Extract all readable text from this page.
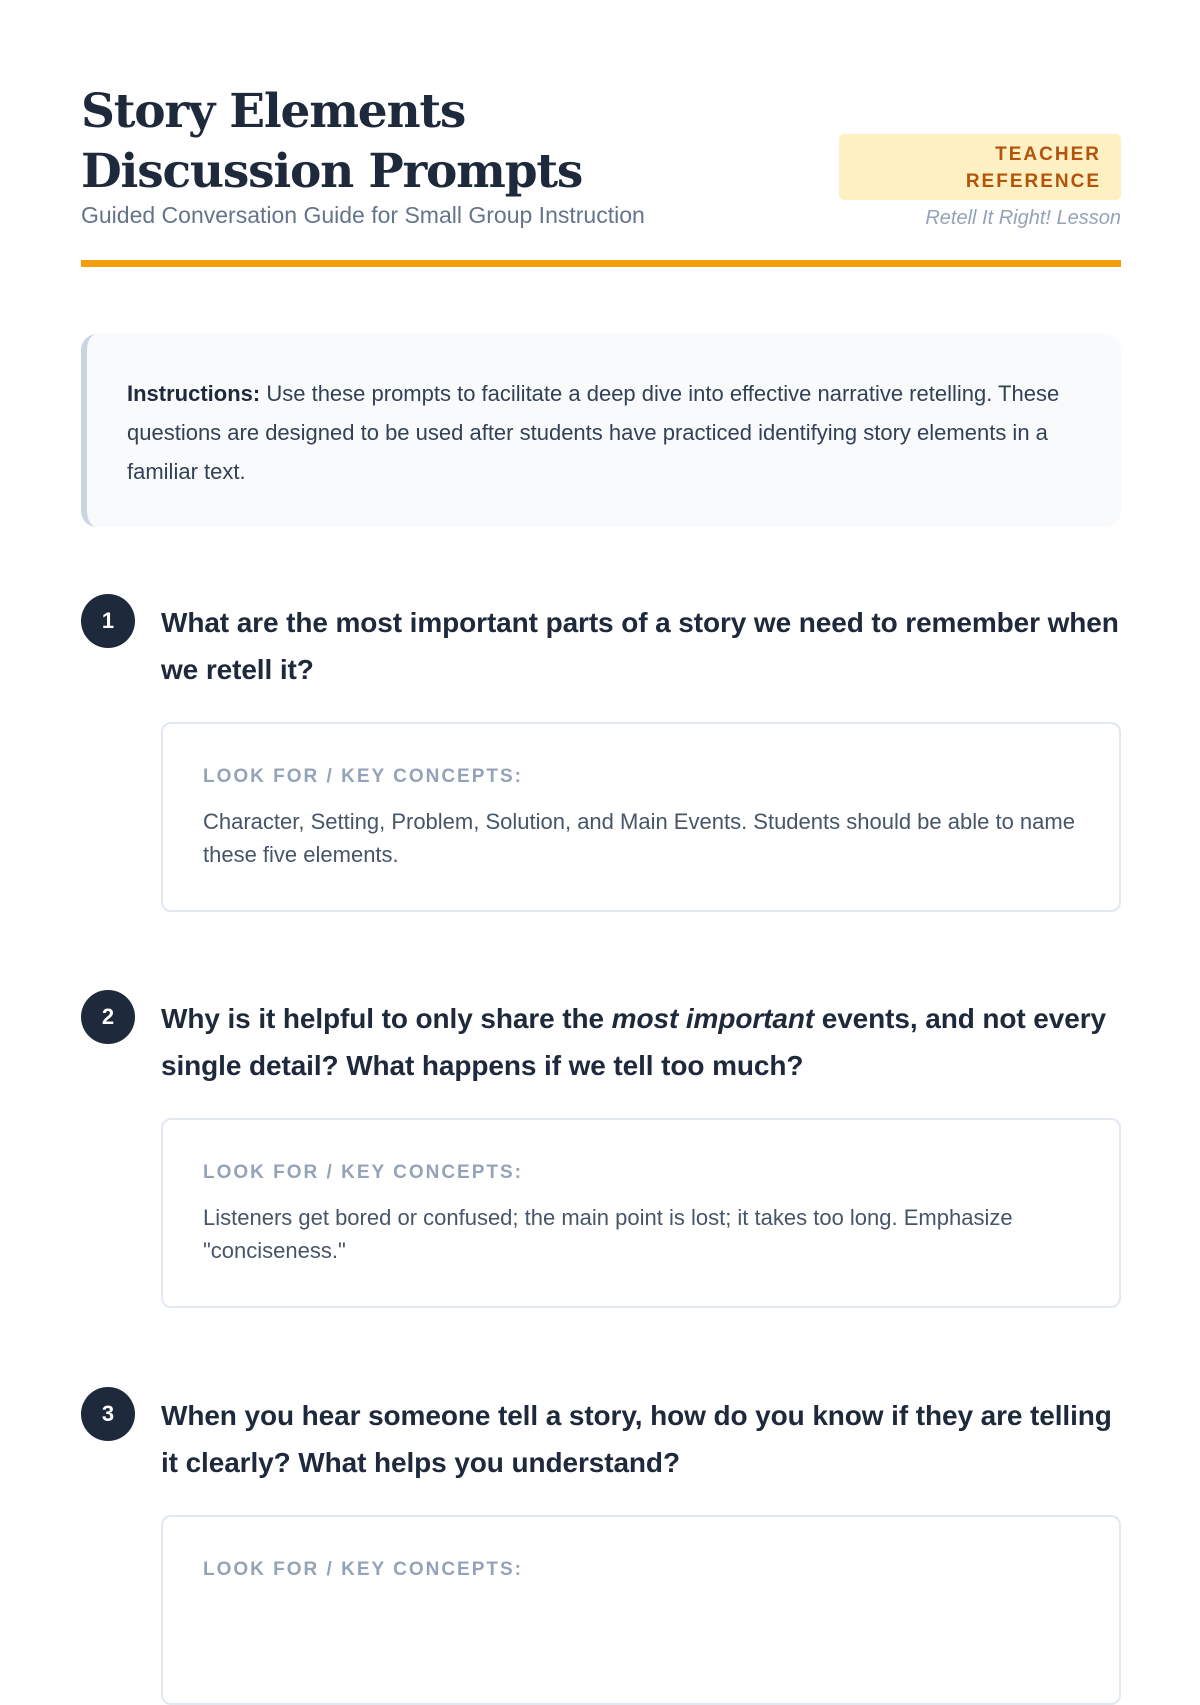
Story Elements Discussion Prompts
Guided Conversation Guide for Small Group Instruction
TEACHER
REFERENCE
Retell It Right! Lesson
Instructions: Use these prompts to facilitate a deep dive into effective narrative retelling. These questions are designed to be used after students have practiced identifying story elements in a familiar text.
1	What are the most important parts of a story we need to remember when we retell it?

LOOK FOR / KEY CONCEPTS:
Character, Setting, Problem, Solution, and Main Events. Students should be able to name these five elements.
2	Why is it helpful to only share the most important events, and not every single detail? What happens if we tell too much?

LOOK FOR / KEY CONCEPTS:
Listeners get bored or confused; the main point is lost; it takes too long. Emphasize "conciseness."
3	When you hear someone tell a story, how do you know if they are telling it clearly? What helps you understand?

LOOK FOR / KEY CONCEPTS:
